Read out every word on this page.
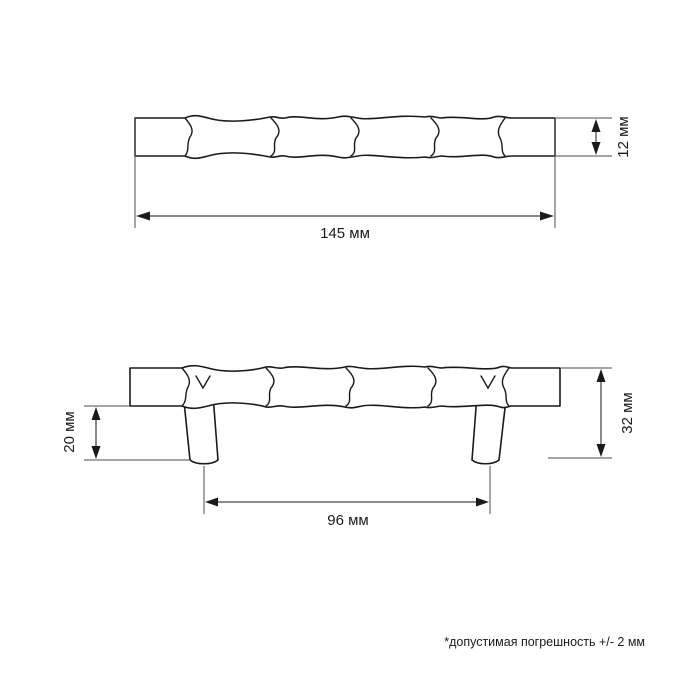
145 мм
12 мм
20 мм	32 мм
96 мм
*допустимая погрешность +/- 2 мм
